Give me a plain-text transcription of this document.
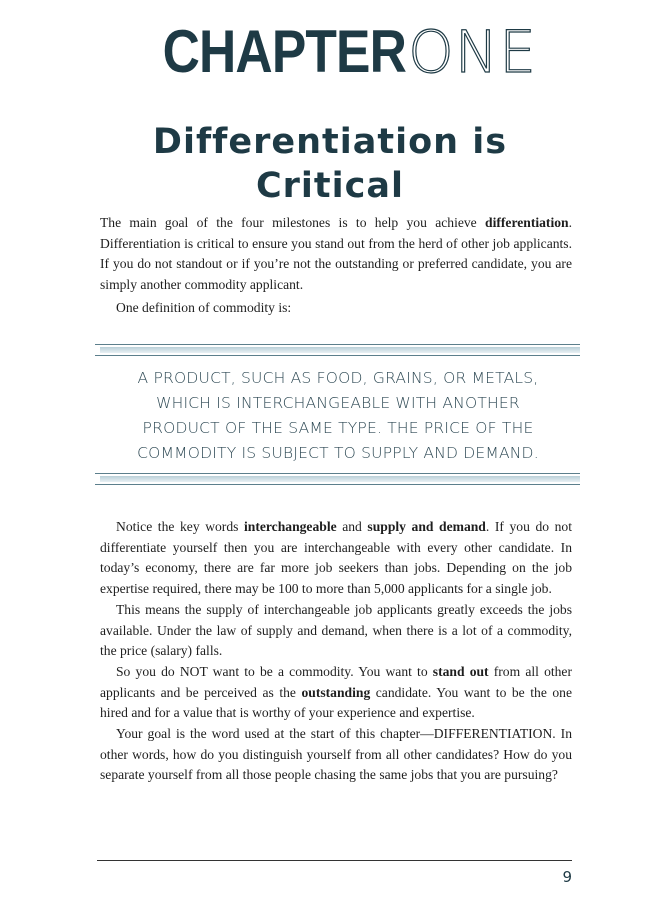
CHAPTERONE
Differentiation is
Critical

The main goal of the four milestones is to help you achieve differentiation. Differentiation is critical to ensure you stand out from the herd of other job applicants. If you do not standout or if you’re not the outstanding or preferred candidate, you are simply another commodity applicant.

One definition of commodity is:

A PRODUCT, SUCH AS FOOD, GRAINS, OR METALS,
WHICH IS INTERCHANGEABLE WITH ANOTHER
PRODUCT OF THE SAME TYPE. THE PRICE OF THE
COMMODITY IS SUBJECT TO SUPPLY AND DEMAND.

Notice the key words interchangeable and supply and demand. If you do not differentiate yourself then you are interchangeable with every other candidate. In today’s economy, there are far more job seekers than jobs. Depending on the job expertise required, there may be 100 to more than 5,000 applicants for a single job.

This means the supply of interchangeable job applicants greatly exceeds the jobs available. Under the law of supply and demand, when there is a lot of a commodity, the price (salary) falls.

So you do NOT want to be a commodity. You want to stand out from all other applicants and be perceived as the outstanding candidate. You want to be the one hired and for a value that is worthy of your experience and expertise.

Your goal is the word used at the start of this chapter—DIFFERENTIATION. In other words, how do you distinguish yourself from all other candidates? How do you separate yourself from all those people chasing the same jobs that you are pursuing?

9
